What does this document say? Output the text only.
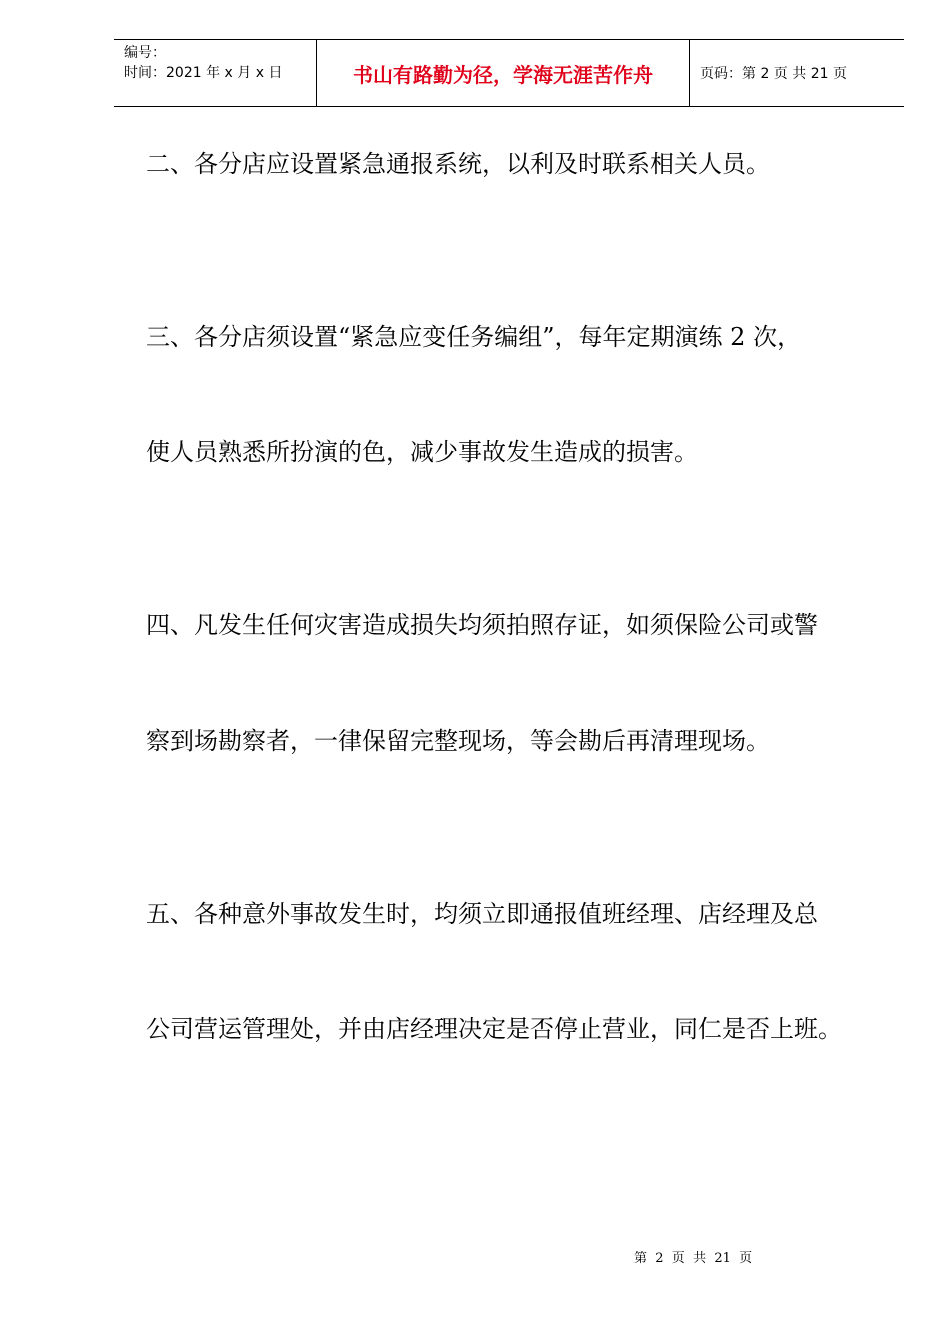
编号：
时间：2021 年 x 月 x 日	书山有路勤为径，学海无涯苦作舟	页码：第 2 页 共 21 页

二、各分店应设置紧急通报系统，以利及时联系相关人员。

三、各分店须设置“紧急应变任务编组”，每年定期演练 2 次，

使人员熟悉所扮演的色，减少事故发生造成的损害。

四、凡发生任何灾害造成损失均须拍照存证，如须保险公司或警

察到场勘察者，一律保留完整现场，等会勘后再清理现场。

五、各种意外事故发生时，均须立即通报值班经理、店经理及总

公司营运管理处，并由店经理决定是否停止营业，同仁是否上班。

第  2  页  共  21  页
